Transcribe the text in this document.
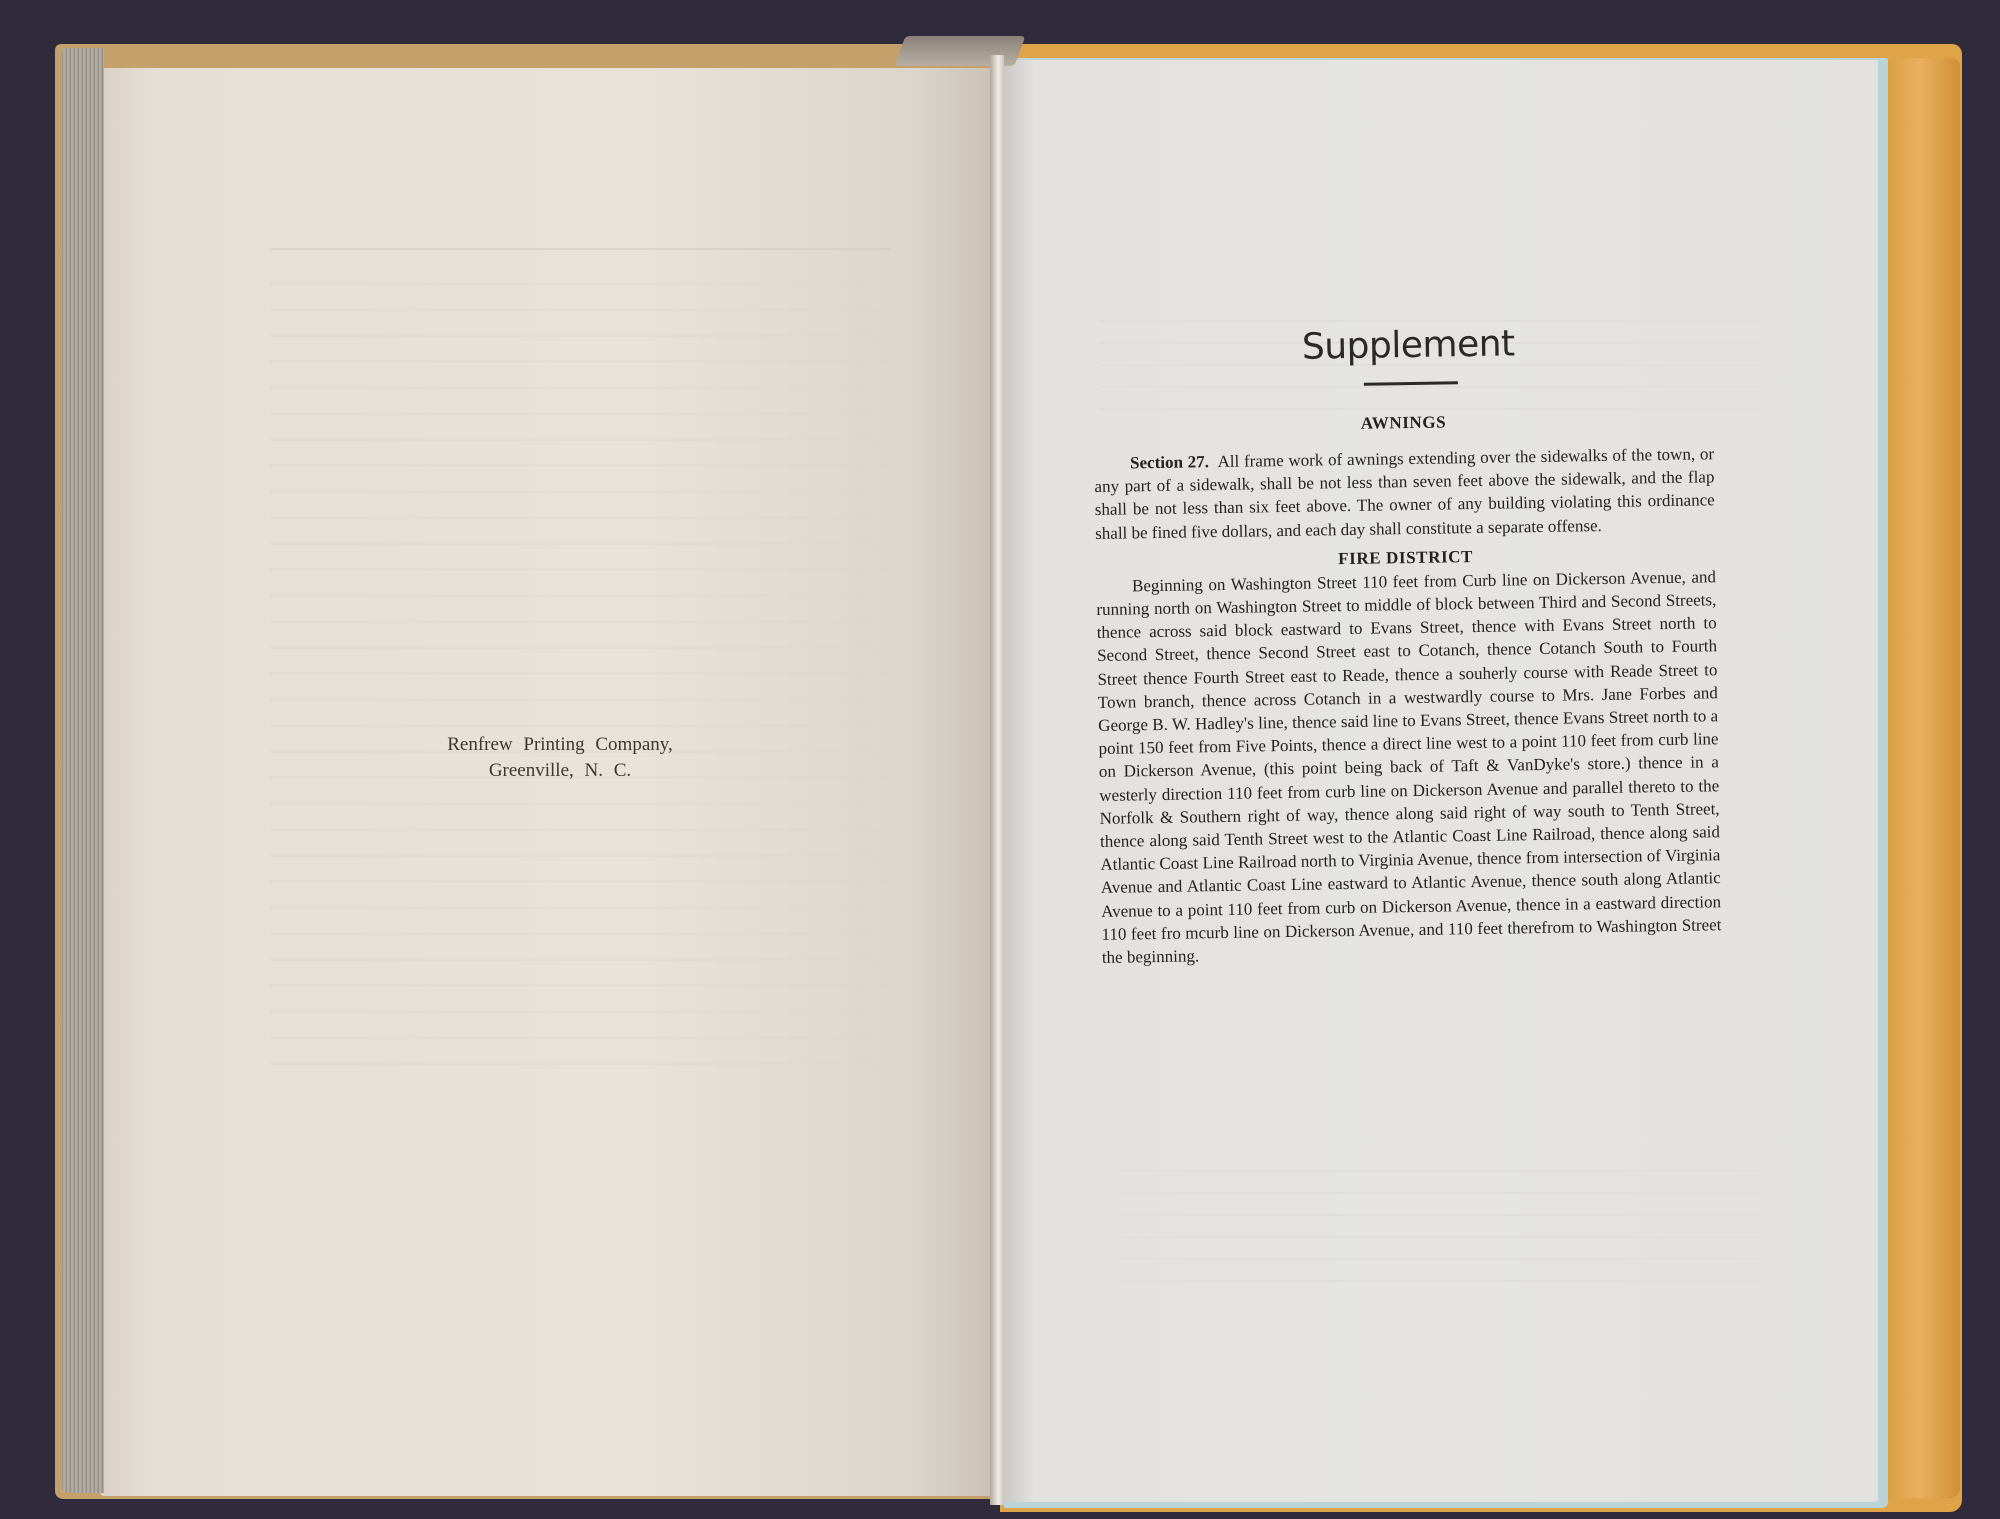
Renfrew Printing Company,
Greenville, N. C.
Supplement
AWNINGS

Section 27. All frame work of awnings extending over the sidewalks of the town, or any part of a sidewalk, shall be not less than seven feet above the sidewalk, and the flap shall be not less than six feet above. The owner of any building violating this ordinance shall be fined five dollars, and each day shall constitute a separate offense.

FIRE DISTRICT

Beginning on Washington Street 110 feet from Curb line on Dickerson Avenue, and running north on Washington Street to middle of block between Third and Second Streets, thence across said block eastward to Evans Street, thence with Evans Street north to Second Street, thence Second Street east to Cotanch, thence Cotanch South to Fourth Street thence Fourth Street east to Reade, thence a souherly course with Reade Street to Town branch, thence across Cotanch in a westwardly course to Mrs. Jane Forbes and George B. W. Hadley's line, thence said line to Evans Street, thence Evans Street north to a point 150 feet from Five Points, thence a direct line west to a point 110 feet from curb line on Dickerson Avenue, (this point being back of Taft & VanDyke's store.) thence in a westerly direction 110 feet from curb line on Dickerson Avenue and parallel thereto to the Norfolk & Southern right of way, thence along said right of way south to Tenth Street, thence along said Tenth Street west to the Atlantic Coast Line Railroad, thence along said Atlantic Coast Line Railroad north to Virginia Avenue, thence from intersection of Virginia Avenue and Atlantic Coast Line eastward to Atlantic Avenue, thence south along Atlantic Avenue to a point 110 feet from curb on Dickerson Avenue, thence in a eastward direction 110 feet fro mcurb line on Dickerson Avenue, and 110 feet therefrom to Washington Street the beginning.
